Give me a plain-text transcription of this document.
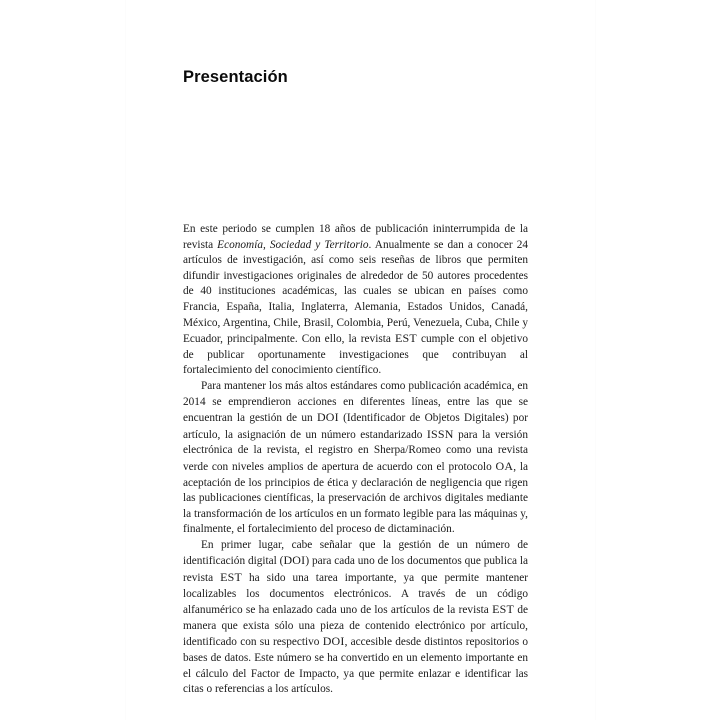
Presentación

En este periodo se cumplen 18 años de publicación ininterrumpida de la revista Economía, Sociedad y Territorio. Anualmente se dan a conocer 24 artículos de investigación, así como seis reseñas de libros que permiten difundir investigaciones originales de alrededor de 50 autores procedentes de 40 instituciones académicas, las cuales se ubican en países como Francia, España, Italia, Inglaterra, Alemania, Estados Unidos, Canadá, México, Argentina, Chile, Brasil, Colombia, Perú, Venezuela, Cuba, Chile y Ecuador, principalmente. Con ello, la revista EST cumple con el objetivo de publicar oportunamente investigaciones que contribuyan al fortalecimiento del conocimiento científico.

Para mantener los más altos estándares como publicación académica, en 2014 se emprendieron acciones en diferentes líneas, entre las que se encuentran la gestión de un DOI (Identificador de Objetos Digitales) por artículo, la asignación de un número estandarizado ISSN para la versión electrónica de la revista, el registro en Sherpa/Romeo como una revista verde con niveles amplios de apertura de acuerdo con el protocolo OA, la aceptación de los principios de ética y declaración de negligencia que rigen las publicaciones científicas, la preservación de archivos digitales mediante la transformación de los artículos en un formato legible para las máquinas y, finalmente, el fortalecimiento del proceso de dictaminación.

En primer lugar, cabe señalar que la gestión de un número de identificación digital (DOI) para cada uno de los documentos que publica la revista EST ha sido una tarea importante, ya que permite mantener localizables los documentos electrónicos. A través de un código alfanumérico se ha enlazado cada uno de los artículos de la revista EST de manera que exista sólo una pieza de contenido electrónico por artículo, identificado con su respectivo DOI, accesible desde distintos repositorios o bases de datos. Este número se ha convertido en un elemento importante en el cálculo del Factor de Impacto, ya que permite enlazar e identificar las citas o referencias a los artículos.
